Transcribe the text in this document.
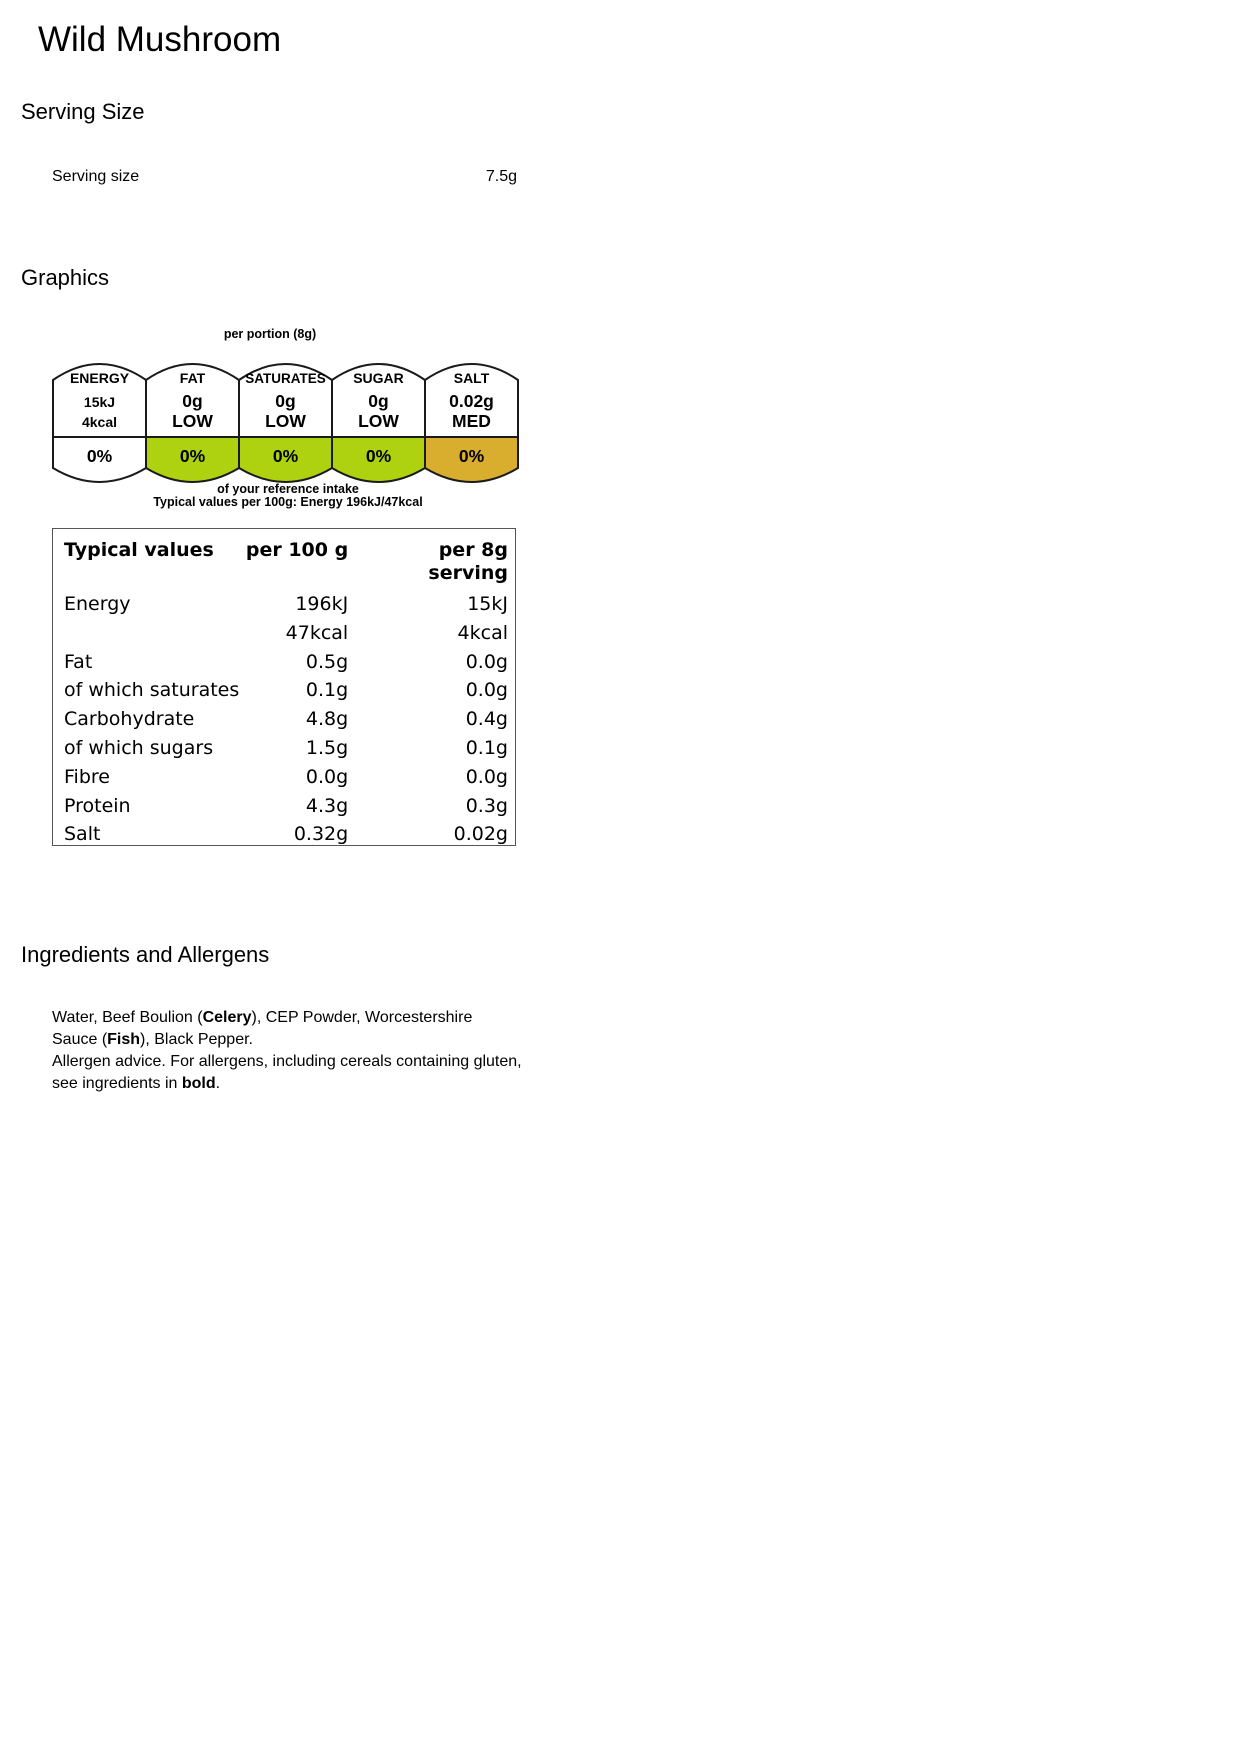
Wild Mushroom
Serving Size
Serving size	7.5g
Graphics
per portion (8g)
ENERGY
15kJ
4kcal
0%
FAT
0g
LOW
0%
SATURATES
0g
LOW
0%
SUGAR
0g
LOW
0%
SALT
0.02g
MED
0%
of your reference intake
Typical values per 100g: Energy 196kJ/47kcal
Typical values	per 100 g	per 8g serving
Energy	196kJ	15kJ
	47kcal	4kcal
Fat	0.5g	0.0g
of which saturates	0.1g	0.0g
Carbohydrate	4.8g	0.4g
of which sugars	1.5g	0.1g
Fibre	0.0g	0.0g
Protein	4.3g	0.3g
Salt	0.32g	0.02g
Ingredients and Allergens

Water, Beef Boulion (Celery), CEP Powder, Worcestershire Sauce (Fish), Black Pepper.

Allergen advice. For allergens, including cereals containing gluten, see ingredients in bold.
